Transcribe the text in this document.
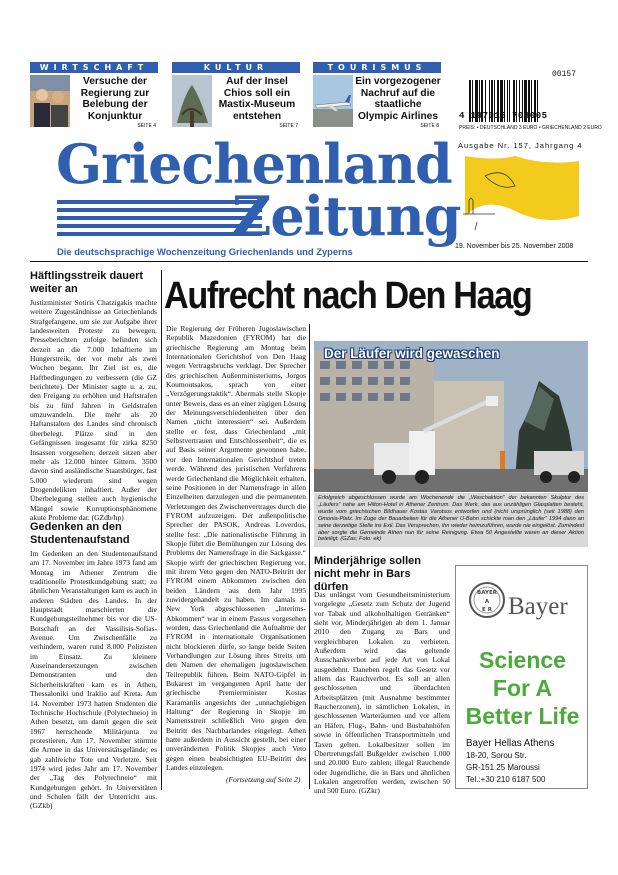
WIRTSCHAFT
Versuche der Regierung zur Belebung der Konjunktur
SEITE 4
KULTUR
Auf der Insel Chios soll ein Mastix-Museum entstehen
SEITE 7
TOURISMUS
Ein vorgezogener Nachruf auf die staatliche Olympic Airlines
SEITE 8
00157
4 197015 703005
PREIS: • DEUTSCHLAND 3 EURO • GRIECHENLAND 2 EURO
Griechenland
Zeitung
Die deutschsprachige Wochenzeitung Griechenlands und Zyperns
Ausgabe Nr. 157, Jahrgang 4
19. November bis 25. November 2008
Häftlingsstreik dauert weiter an
Justizminister Sotiris Chatzigakis machte weitere Zugeständnisse an Griechenlands Strafgefangene, um sie zur Aufgabe ihrer landesweiten Proteste zu bewegen. Presseberichten zufolge befinden sich derzeit an die 7.000 Inhaftierte im Hungerstreik, der vor mehr als zwei Wochen begann. Ihr Ziel ist es, die Haftbedingungen zu verbessern (die GZ berichtete). Der Minister sagte u. a. zu, den Freigang zu erhöhen und Haftstrafen bis zu fünf Jahren in Geldstrafen umzuwandeln. Die mehr als 20 Haftanstalten des Landes sind chronisch überbelegt. Plätze sind in den Gefängnissen insgesamt für zirka 8250 Insassen vorgesehen; derzeit sitzen aber mehr als 12.000 hinter Gittern. 3500 davon sind ausländische Staatsbürger, fast 5.000 wiederum sind wegen Drogendelikten inhaftiert. Außer der Überbelegung stellen auch hygienische Mängel sowie Korruptionsphänomene akute Probleme dar. (GZdb/hp)
Gedenken an den Studentenaufstand
Im Gedenken an den Studentenaufstand am 17. November im Jahre 1973 fand am Montag im Athener Zentrum die traditionelle Protestkundgebung statt; zu ähnlichen Veranstaltungen kam es auch in anderen Städten des Landes. In der Hauptstadt marschierten die Kundgebungsteilnehmer bis vor die US-Botschaft an der Vassilisis-Sofias-Avenue. Um Zwischenfälle zu verhindern, waren rund 8.000 Polizisten im Einsatz. Zu kleinere Auseinandersetzungen zwischen Demonstranten und den Sicherheitskräften kam es in Athen, Thessaloniki und Iraklio auf Kreta. Am 14. November 1973 hatten Studenten die Technische Hochschule (Polytechneio) in Athen besetzt, um damit gegen die seit 1967 herrschende Militärjunta zu protestieren. Am 17. November stürmte die Armee in das Universitätsgelände; es gab zahlreiche Tote und Verletzte. Seit 1974 wird jedes Jahr am 17. November der „Tag des Polytechneio“ mit Kundgebungen gehört. In Universitäten und Schulen fällt der Unterricht aus. (GZkb)
Aufrecht nach Den Haag
Die Regierung der Früheren Jugoslawischen Republik Mazedonien (FYROM) hat die griechische Regierung am Montag beim Internationalen Gerichtshof von Den Haag wegen Vertragsbruchs verklagt. Der Sprecher des griechischen Außenministeriums, Jorgos Koumoutsakos, sprach von einer „Verzögerungstaktik“. Abermals stelle Skopje unter Beweis, dass es an einer zügigen Lösung der Meinungsverschiedenheiten über den Namen „nicht interessiert“ sei. Außerdem stellte er fest, dass Griechenland „mit Selbstvertrauen und Entschlossenheit“, die es auf Basis seiner Argumente gewonnen habe, vor den Internationalen Gerichtshof treten werde. Während des juristischen Verfahrens werde Griechenland die Möglichkeit erhalten, seine Positionen in der Namensfrage in allen Einzelheiten darzulegen und die permanenten Verletzungen des Zwischenvertrages durch die FYROM aufzuzeigen. Der außenpolitische Sprecher der PASOK, Andreas Loverdos, stellte fest: „Die nationalistische Führung in Skopje führt die Bemühungen zur Lösung des Problems der Namensfrage in die Sackgasse.“ Skopje wirft der griechischen Regierung vor, mit ihrem Veto gegen den NATO-Beitritt der FYROM einem Abkommen zwischen den beiden Ländern aus dem Jahr 1995 zuwidergehandelt zu haben. Im damals in New York abgeschlossenen „Interims-Abkommen“ war in einem Passus vorgesehen worden, dass Griechenland die Aufnahme der FYROM in internationale Organisationen nicht blockieren dürfe, so lange beide Seiten Verhandlungen zur Lösung ihres Streits um den Namen der ehemaligen jugoslawischen Teilrepublik führen. Beim NATO-Gipfel in Bukarest im vergangenen April hatte der griechische Premierminister Kostas Karamanlis angesichts der „unnachgiebigen Haltung“ der Regierung in Skopje im Namensstreit schließlich Veto gegen den Beitritt des Nachbarlandes eingelegt. Athen hatte außerdem in Aussicht gestellt, bei einer unveränderten Politik Skopjes auch Veto gegen einen beabsichtigten EU-Beitritt des Landes einzulegen.
(Fortsetzung auf Seite 2)
Der Läufer wird gewaschen
Erfolgreich abgeschlossen wurde am Wochenende die „Waschaktion“ der bekannten Skulptur des „Läufers“ nahe am Hilton-Hotel in Athener Zentrum. Das Werk, das aus unzähligen Glasplatten besteht, wurde vom griechischen Bildhauer Kostas Varotsos entworfen und (nicht ursprünglich (seit 1988) den Omonia-Platz. Im Zuge der Bauarbeiten für die Athener U-Bahn schickte man den „Läufer“ 1994 dann an seine derzeitige Stelle ins Exil. Das Versprechen, ihn wieder heimzuführen, wurde nie eingelöst. Zumindest aber sorgte die Gemeinde Athen nun für seine Reinigung. Etwa 50 Angestellte waren an dieser Aktion beteiligt. (GZas; Foto: ek)
Minderjährige sollen nicht mehr in Bars dürfen
Das unlängst vom Gesundheitsministerium vorgelegte „Gesetz zum Schutz der Jugend vor Tabak und alkoholhaltigen Getränken“ sieht vor, Minderjährigen ab dem 1. Januar 2010 den Zugang zu Bars und vergleichbaren Lokalen zu verbieten. Außerdem wird das geltende Ausschankverbot auf jede Art von Lokal ausgedehnt. Daneben regelt das Gesetz vor allem das Rauchverbot. Es soll an allen geschlossenen und überdachten Arbeitsplätzen (mit Ausnahme bestimmter Raucherzonen), in sämtlichen Lokalen, in geschlossenen Warteräumen und vor allem an Häfen, Flug-, Bahn- und Busbahnhöfen sowie in öffentlichen Transportmitteln und Taxen gelten. Lokalbesitzer sollen im Übertretungsfall Bußgelder zwischen 1.000 und 20.000 Euro zahlen; illegal Rauchende oder Jugendliche, die in Bars und ähnlichen Lokalen angetroffen werden, zwischen 50 und 500 Euro. (GZkr)
BAYER
A
E R Bayer
Science For A Better Life
Bayer Hellas Athens
18-20, Sorou Str.
GR-151 25 Maroussi
Tel.:+30 210 6187 500
